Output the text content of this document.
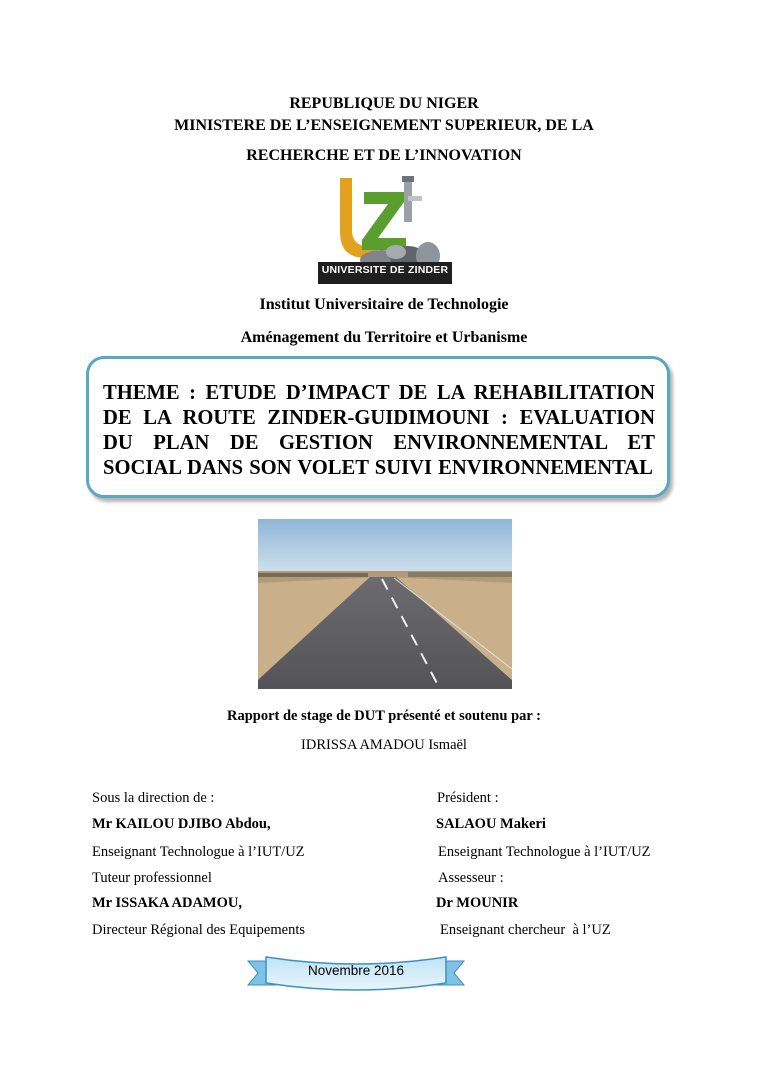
REPUBLIQUE DU NIGER
MINISTERE DE L’ENSEIGNEMENT SUPERIEUR, DE LA
RECHERCHE ET DE L’INNOVATION
UNIVERSITE DE ZINDER
Institut Universitaire de Technologie
Aménagement du Territoire et Urbanisme
THEME : ETUDE D’IMPACT DE LA REHABILITATION DE LA ROUTE ZINDER-GUIDIMOUNI : EVALUATION DU PLAN DE GESTION ENVIRONNEMENTAL ET SOCIAL DANS SON VOLET SUIVI ENVIRONNEMENTAL
Rapport de stage de DUT présenté et soutenu par :
IDRISSA AMADOU Ismaël
Sous la direction de :
Mr KAILOU DJIBO Abdou,
Enseignant Technologue à l’IUT/UZ
Tuteur professionnel
Mr ISSAKA ADAMOU,
Directeur Régional des Equipements
Président :
SALAOU Makeri
Enseignant Technologue à l’IUT/UZ
Assesseur :
Dr MOUNIR
Enseignant chercheur  à l’UZ
Novembre 2016
